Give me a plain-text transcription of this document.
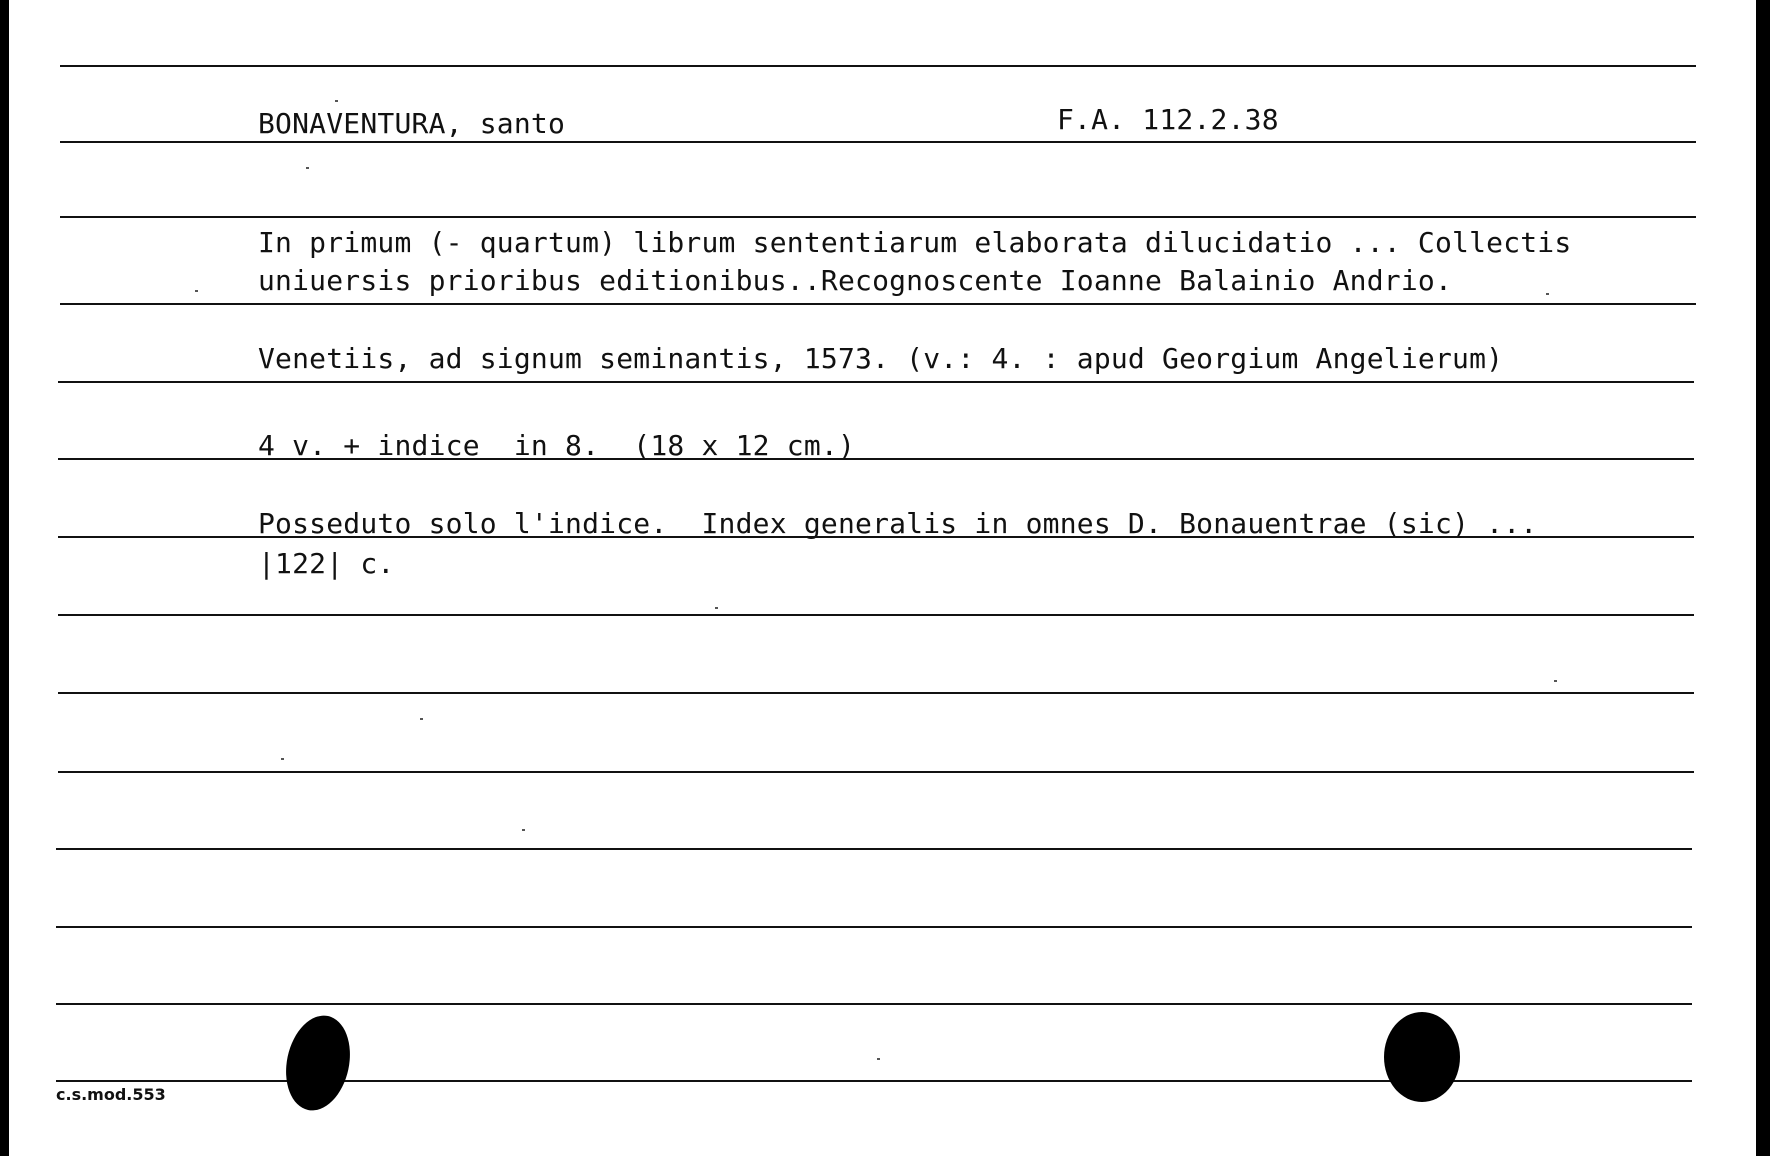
BONAVENTURA, santo	F.A. 112.2.38
In primum (- quartum) librum sententiarum elaborata dilucidatio ... Collectis
uniuersis prioribus editionibus..Recognoscente Ioanne Balainio Andrio.
Venetiis, ad signum seminantis, 1573. (v.: 4. : apud Georgium Angelierum)
4 v. + indice  in 8.  (18 x 12 cm.)
Posseduto solo l'indice.  Index generalis in omnes D. Bonauentrae (sic) ...
|122| c.
c.s.mod.553
